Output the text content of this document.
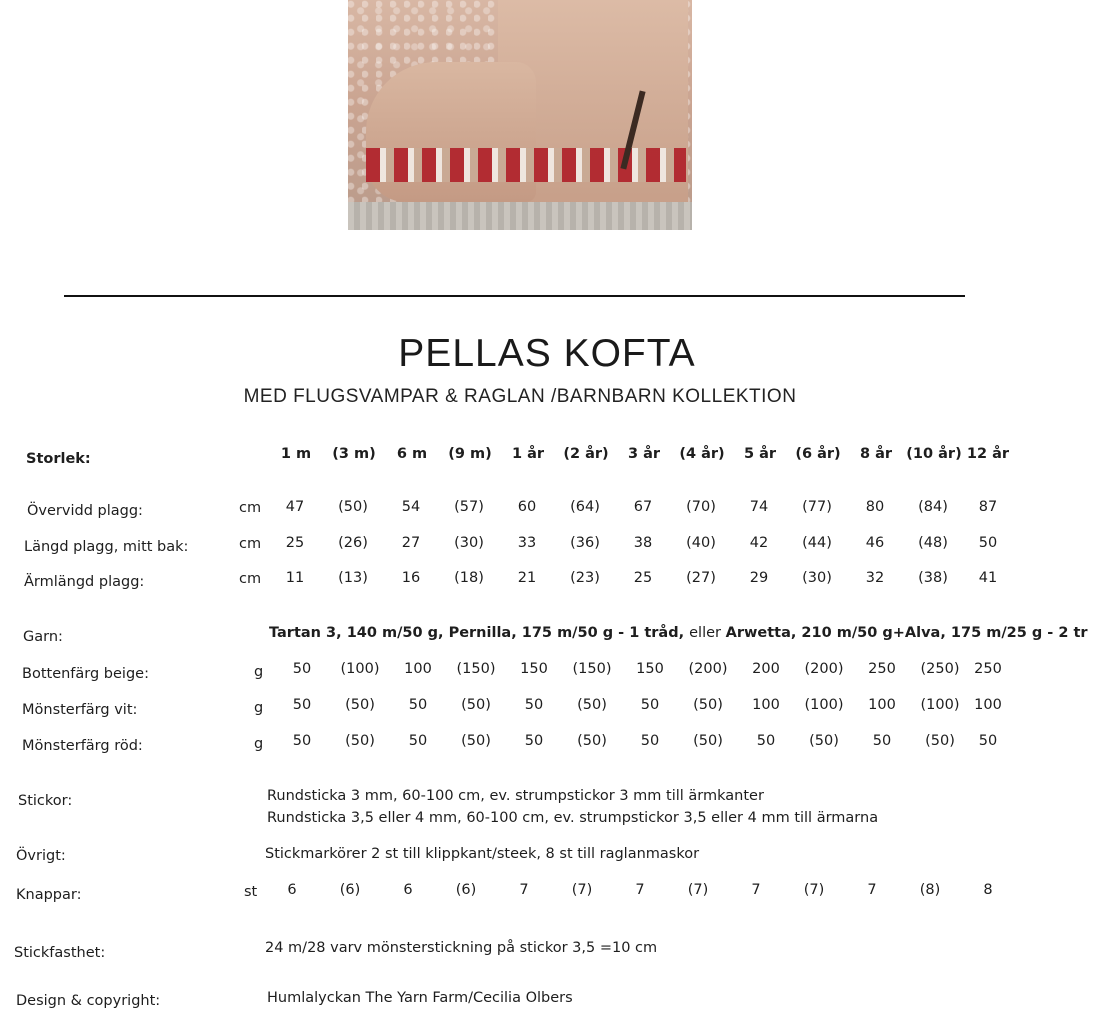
PELLAS KOFTA
MED FLUGSVAMPAR & RAGLAN /BARNBARN KOLLEKTION
Storlek:	1 m	(3 m)	6 m	(9 m)	1 år	(2 år)	3 år	(4 år)	5 år	(6 år)	8 år (10 år) 12 år
Övervidd plagg:	cm	47	(50)	54	(57)	60	(64)	67	(70)	74	(77)	80	(84)	87
Längd plagg, mitt bak:	cm	25	(26)	27	(30)	33	(36)	38	(40)	42	(44)	46	(48)	50
Ärmlängd plagg:	cm	11	(13)	16	(18)	21	(23)	25	(27)	29	(30)	32	(38)	41
Garn:	Tartan 3, 140 m/50 g, Pernilla, 175 m/50 g - 1 tråd, eller Arwetta, 210 m/50 g+Alva, 175 m/25 g - 2 tr
Bottenfärg beige:	g	50	(100)	100	(150)	150	(150)	150	(200)	200	(200)	250	(250)	250
Mönsterfärg vit:	g	50	(50)	50	(50)	50	(50)	50	(50)	100	(100)	100	(100)	100
Mönsterfärg röd:	g	50	(50)	50	(50)	50	(50)	50	(50)	50	(50)	50	(50)	50
Stickor:	Rundsticka 3 mm, 60-100 cm, ev. strumpstickor 3 mm till ärmkanter
Rundsticka 3,5 eller 4 mm, 60-100 cm, ev. strumpstickor 3,5 eller 4 mm till ärmarna
Övrigt:	Stickmarkörer 2 st till klippkant/steek, 8 st till raglanmaskor
Knappar:	st	6	(6)	6	(6)	7	(7)	7	(7)	7	(7)	7	(8)	8
Stickfasthet:	24 m/28 varv mönsterstickning på stickor 3,5 =10 cm
Design & copyright:	Humlalyckan The Yarn Farm/Cecilia Olbers
